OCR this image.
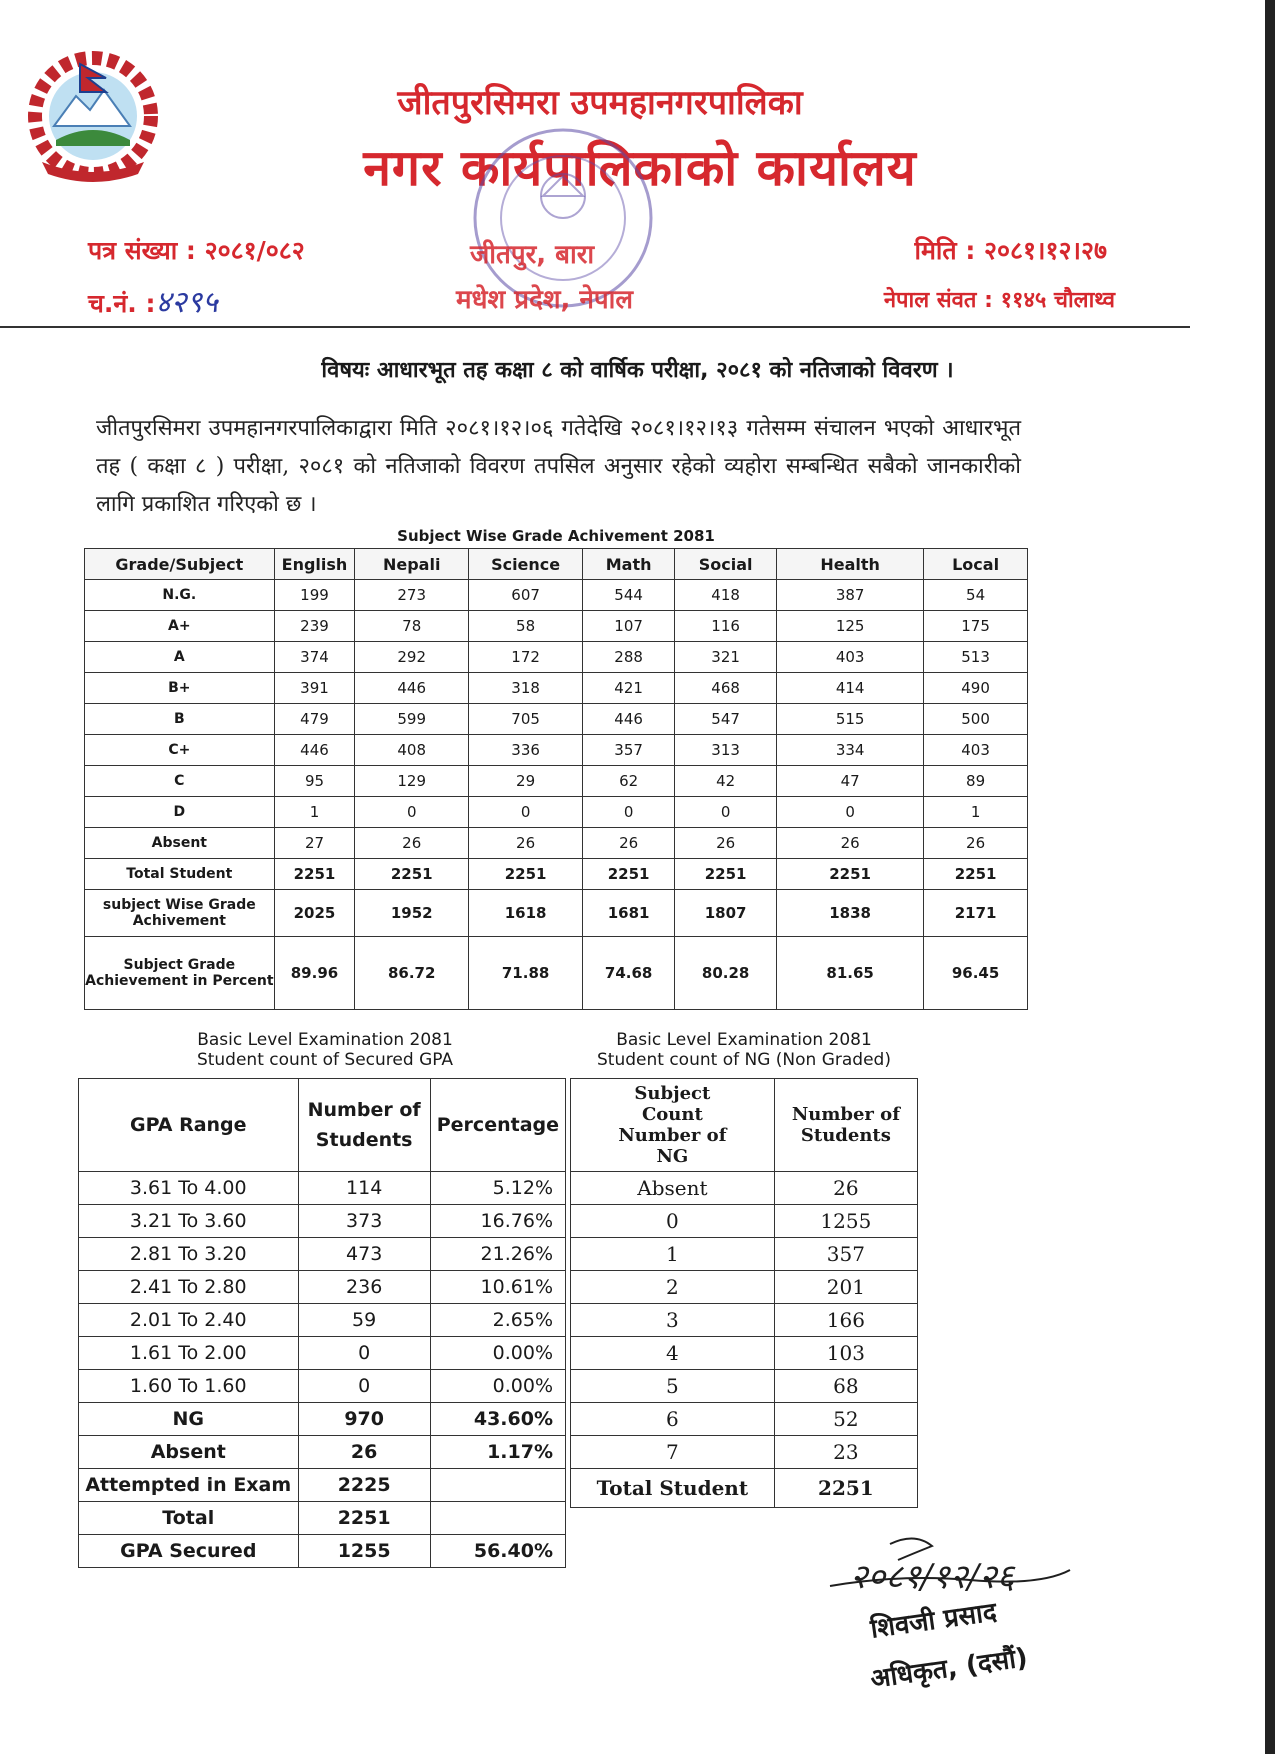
जीतपुरसिमरा उपमहानगरपालिका
नगर कार्यपालिकाको कार्यालय
पत्र संख्या : २०८१/०८२
च.नं. :४२९५
जीतपुर, बारा
मधेश प्रदेश, नेपाल
मिति : २०८१।१२।२७
नेपाल संवत : ११४५ चौलाथ्व
विषयः आधारभूत तह कक्षा ८ को वार्षिक परीक्षा, २०८१ को नतिजाको विवरण ।
जीतपुरसिमरा उपमहानगरपालिकाद्वारा मिति २०८१।१२।०६ गतेदेखि २०८१।१२।१३ गतेसम्म संचालन भएको आधारभूत तह ( कक्षा ८ ) परीक्षा, २०८१ को नतिजाको विवरण तपसिल अनुसार रहेको व्यहोरा सम्बन्धित सबैको जानकारीको लागि प्रकाशित गरिएको छ ।
Subject Wise Grade Achivement 2081
Grade/Subject	English	Nepali	Science	Math	Social	Health	Local
N.G.	199	273	607	544	418	387	54
A+	239	78	58	107	116	125	175
A	374	292	172	288	321	403	513
B+	391	446	318	421	468	414	490
B	479	599	705	446	547	515	500
C+	446	408	336	357	313	334	403
C	95	129	29	62	42	47	89
D	1	0	0	0	0	0	1
Absent	27	26	26	26	26	26	26
Total Student	2251	2251	2251	2251	2251	2251	2251
subject Wise Grade Achivement	2025	1952	1618	1681	1807	1838	2171
Subject Grade Achievement in Percent	89.96	86.72	71.88	74.68	80.28	81.65	96.45
Basic Level Examination 2081
Student count of Secured GPA
GPA Range	Number of Students	Percentage
3.61 To 4.00	114	5.12%
3.21 To 3.60	373	16.76%
2.81 To 3.20	473	21.26%
2.41 To 2.80	236	10.61%
2.01 To 2.40	59	2.65%
1.61 To 2.00	0	0.00%
1.60 To 1.60	0	0.00%
NG	970	43.60%
Absent	26	1.17%
Attempted in Exam	2225	
Total	2251	
GPA Secured	1255	56.40%
Basic Level Examination 2081
Student count of NG (Non Graded)
Subject Count Number of NG	Number of Students
Absent	26
0	1255
1	357
2	201
3	166
4	103
5	68
6	52
7	23
Total Student	2251
२०८१/१२/२६
शिवजी प्रसाद
अधिकृत, (दसौं)
